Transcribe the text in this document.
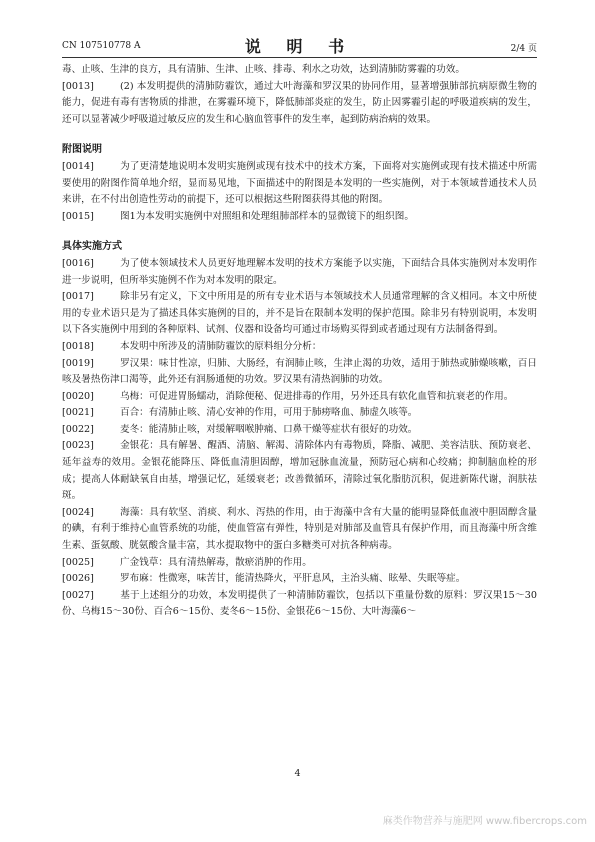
CN 107510778 A	说 明 书	2/4 页

毒、止咳、生津的良方，具有清肺、生津、止咳、排毒、利水之功效，达到清肺防雾霾的功效。

[0013]	(2) 本发明提供的清肺防霾饮，通过大叶海藻和罗汉果的协同作用，显著增强肺部抗病原微生物的能力，促进有毒有害物质的排泄，在雾霾环境下，降低肺部炎症的发生，防止因雾霾引起的呼吸道疾病的发生，还可以显著减少呼吸道过敏反应的发生和心脑血管事件的发生率，起到防病治病的效果。

附图说明

[0014]	为了更清楚地说明本发明实施例或现有技术中的技术方案，下面将对实施例或现有技术描述中所需要使用的附图作简单地介绍，显而易见地，下面描述中的附图是本发明的一些实施例，对于本领域普通技术人员来讲，在不付出创造性劳动的前提下，还可以根据这些附图获得其他的附图。

[0015]	图1为本发明实施例中对照组和处理组肺部样本的显微镜下的组织图。

具体实施方式

[0016]	为了使本领域技术人员更好地理解本发明的技术方案能予以实施，下面结合具体实施例对本发明作进一步说明，但所举实施例不作为对本发明的限定。

[0017]	除非另有定义，下文中所用是的所有专业术语与本领域技术人员通常理解的含义相同。本文中所使用的专业术语只是为了描述具体实施例的目的，并不是旨在限制本发明的保护范围。除非另有特别说明，本发明以下各实施例中用到的各种原料、试剂、仪器和设备均可通过市场购买得到或者通过现有方法制备得到。

[0018]	本发明中所涉及的清肺防霾饮的原料组分分析：

[0019]	罗汉果：味甘性凉，归肺、大肠经，有润肺止咳，生津止渴的功效，适用于肺热或肺燥咳嗽，百日咳及暑热伤津口渴等，此外还有润肠通便的功效。罗汉果有清热润肺的功效。

[0020]	乌梅：可促进胃肠蠕动，消除便秘、促进排毒的作用，另外还具有软化血管和抗衰老的作用。

[0021]	百合：有清肺止咳、清心安神的作用，可用于肺痨咯血、肺虚久咳等。

[0022]	麦冬：能清肺止咳，对缓解咽喉肿痛、口鼻干燥等症状有很好的功效。

[0023]	金银花：具有解暑、醒酒、清脑、解渴、清除体内有毒物质，降脂、减肥、美容洁肤、预防衰老、延年益寿的效用。金银花能降压、降低血清胆固醇，增加冠脉血流量，预防冠心病和心绞痛；抑制脑血栓的形成；提高人体耐缺氧自由基，增强记忆，延缓衰老；改善微循环，清除过氧化脂肪沉积，促进新陈代谢，润肤祛斑。

[0024]	海藻：具有软坚、消痰、利水、泻热的作用，由于海藻中含有大量的能明显降低血液中胆固醇含量的碘，有利于维持心血管系统的功能，使血管富有弹性，特别是对肺部及血管具有保护作用，而且海藻中所含维生素、蛋氨酸、胱氨酸含量丰富，其水提取物中的蛋白多糖类可对抗各种病毒。

[0025]	广金钱草：具有清热解毒，散瘀消肿的作用。

[0026]	罗布麻：性微寒，味苦甘，能清热降火，平肝息风，主治头痛、眩晕、失眠等症。

[0027]	基于上述组分的功效，本发明提供了一种清肺防霾饮，包括以下重量份数的原料：罗汉果15～30份、乌梅15～30份、百合6～15份、麦冬6～15份、金银花6～15份、大叶海藻6～

4
麻类作物营养与施肥网 www.fibercrops.com
